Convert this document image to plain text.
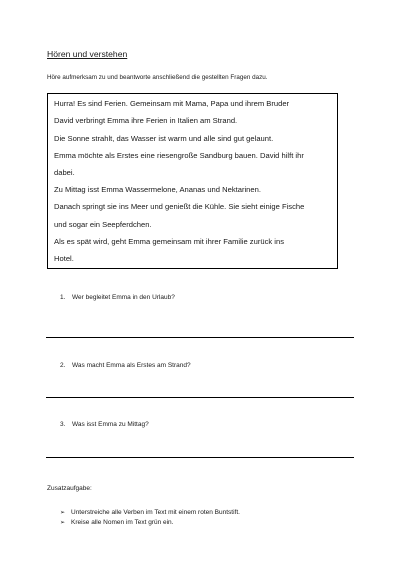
Hören und verstehen
Höre aufmerksam zu und beantworte anschließend die gestellten Fragen dazu.
Hurra! Es sind Ferien. Gemeinsam mit Mama, Papa und ihrem Bruder
David verbringt Emma ihre Ferien in Italien am Strand.
Die Sonne strahlt, das Wasser ist warm und alle sind gut gelaunt.
Emma möchte als Erstes eine riesengroße Sandburg bauen. David hilft ihr
dabei.
Zu Mittag isst Emma Wassermelone, Ananas und Nektarinen.
Danach springt sie ins Meer und genießt die Kühle. Sie sieht einige Fische
und sogar ein Seepferdchen.
Als es spät wird, geht Emma gemeinsam mit ihrer Familie zurück ins
Hotel.
1. Wer begleitet Emma in den Urlaub?
2. Was macht Emma als Erstes am Strand?
3. Was isst Emma zu Mittag?
Zusatzaufgabe:
➢ Unterstreiche alle Verben im Text mit einem roten Buntstift.
➢ Kreise alle Nomen im Text grün ein.
